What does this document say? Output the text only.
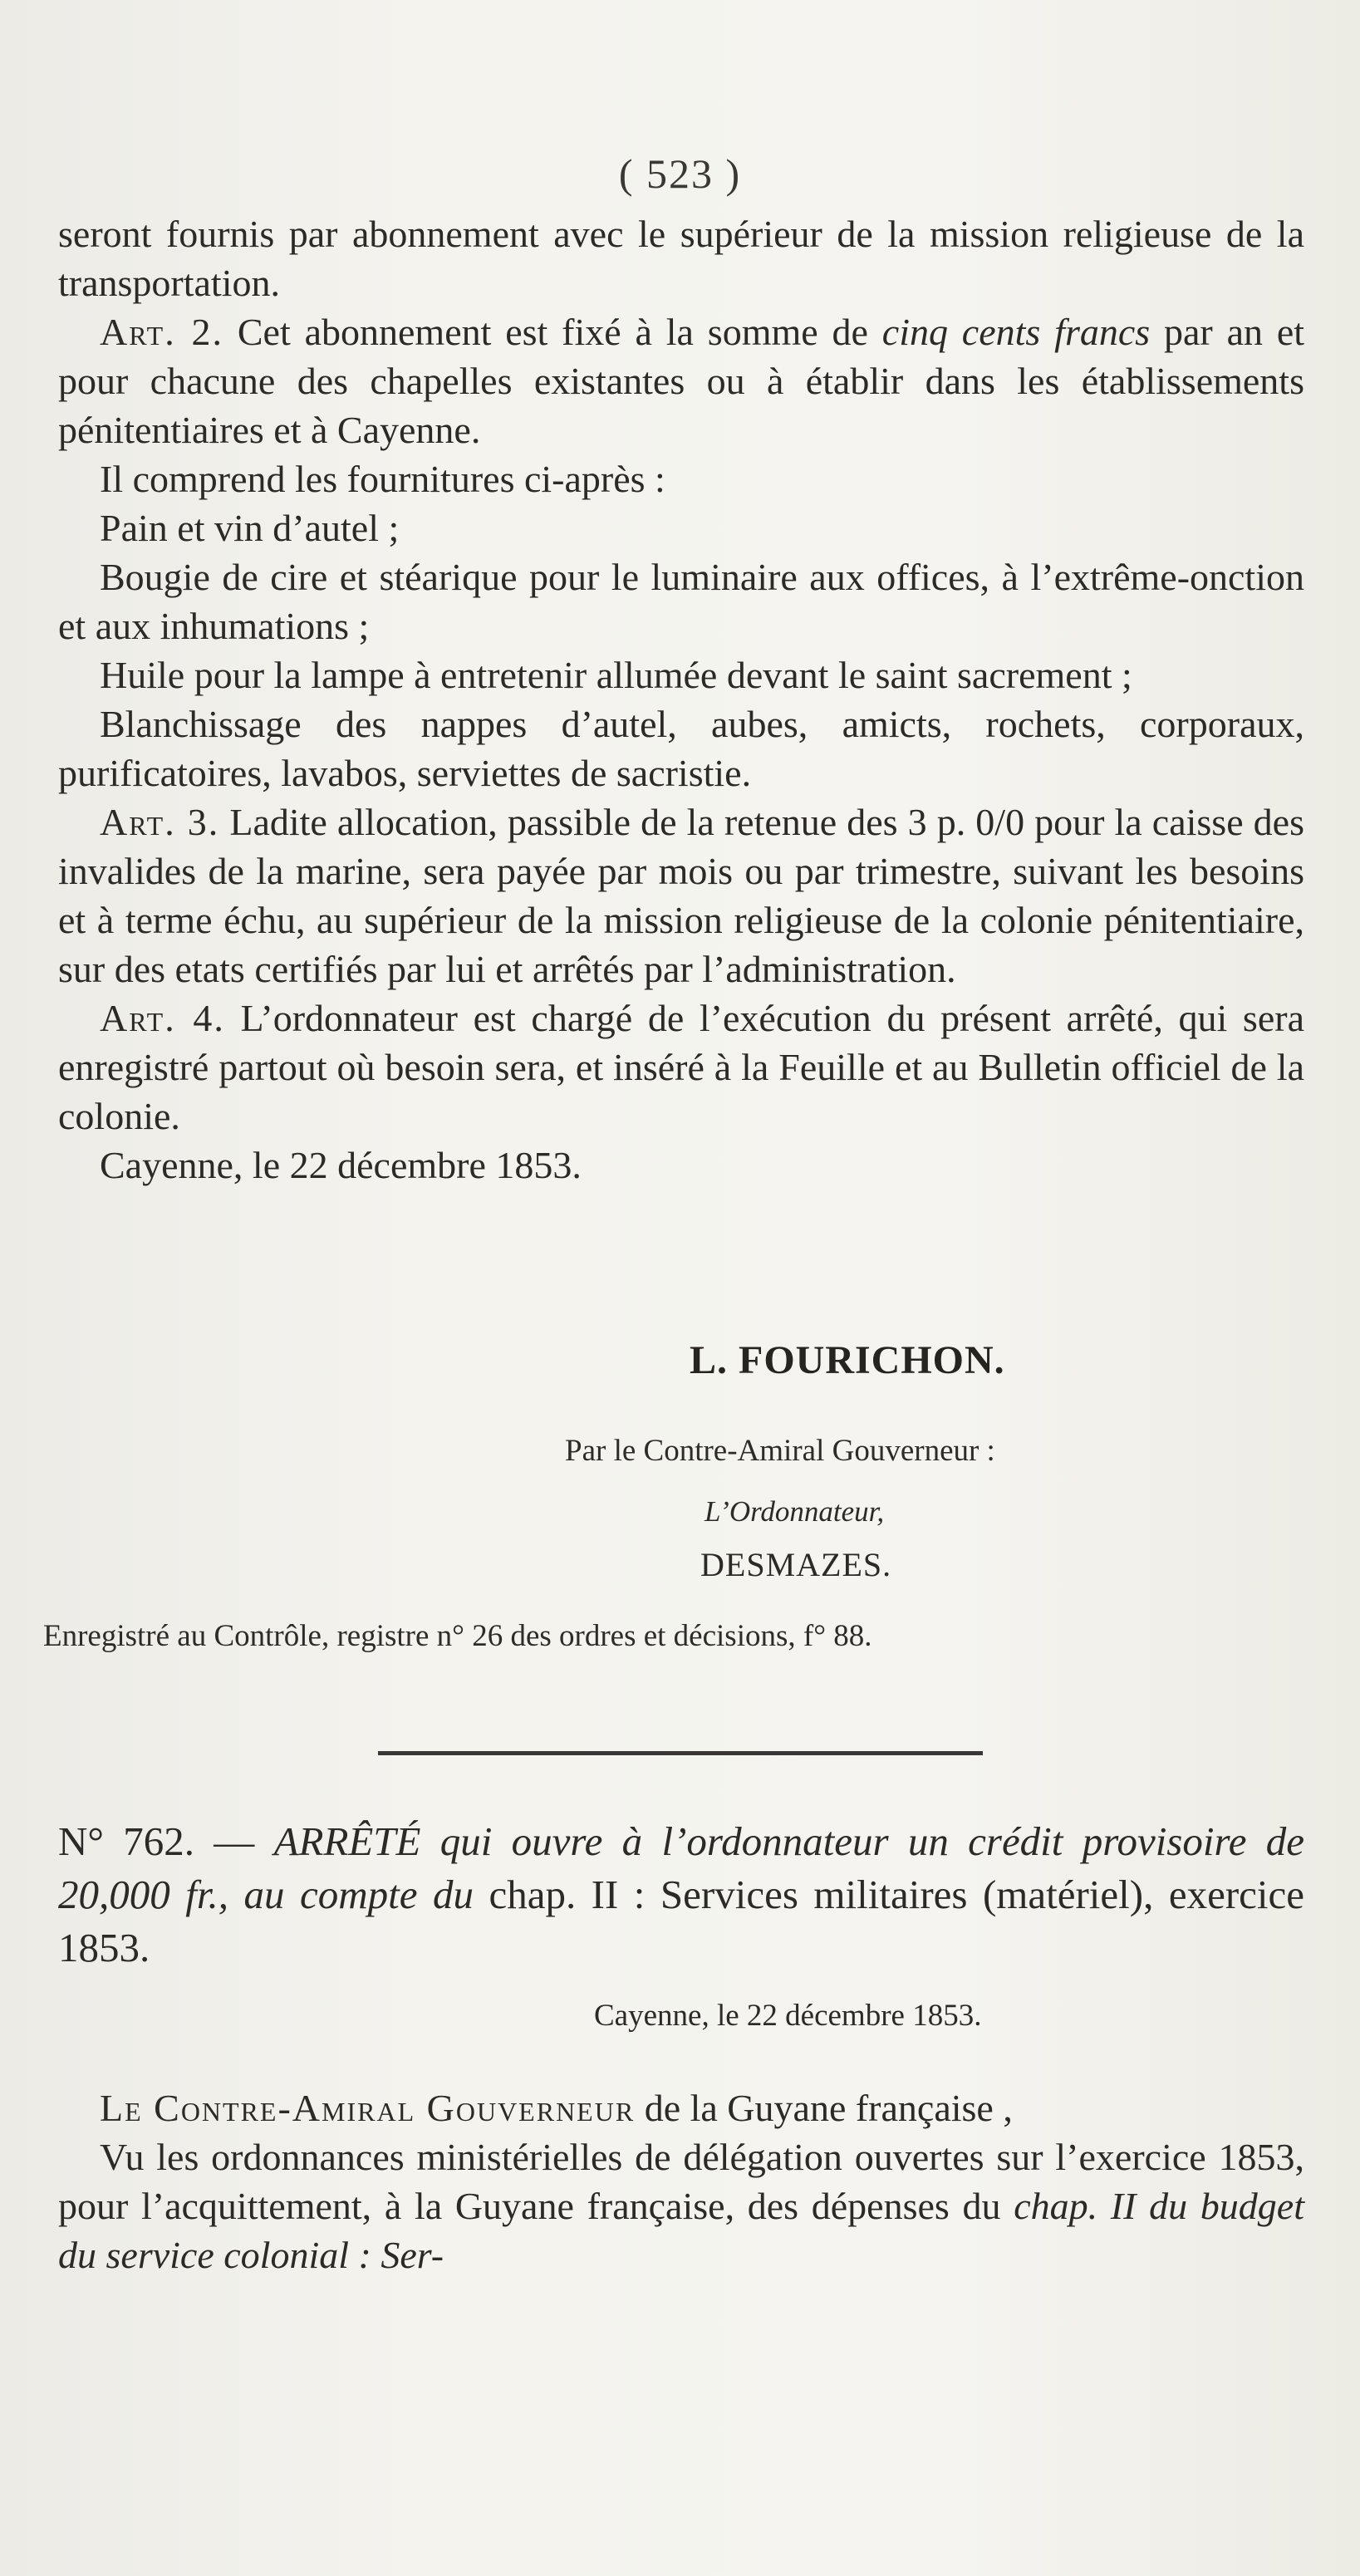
( 523 )

seront fournis par abonnement avec le supérieur de la mission religieuse de la transportation.

Art. 2. Cet abonnement est fixé à la somme de cinq cents francs par an et pour chacune des chapelles existantes ou à établir dans les établissements pénitentiaires et à Cayenne.

Il comprend les fournitures ci-après :

Pain et vin d’autel ;

Bougie de cire et stéarique pour le luminaire aux offices, à l’extrême-onction et aux inhumations ;

Huile pour la lampe à entretenir allumée devant le saint sacrement ;

Blanchissage des nappes d’autel, aubes, amicts, rochets, corporaux, purificatoires, lavabos, serviettes de sacristie.

Art. 3. Ladite allocation, passible de la retenue des 3 p. 0/0 pour la caisse des invalides de la marine, sera payée par mois ou par trimestre, suivant les besoins et à terme échu, au supérieur de la mission religieuse de la colonie pénitentiaire, sur des etats certifiés par lui et arrêtés par l’administration.

Art. 4. L’ordonnateur est chargé de l’exécution du présent arrêté, qui sera enregistré partout où besoin sera, et inséré à la Feuille et au Bulletin officiel de la colonie.

Cayenne, le 22 décembre 1853.

L. FOURICHON.
Par le Contre-Amiral Gouverneur :
L’Ordonnateur,
DESMAZES.
Enregistré au Contrôle, registre n° 26 des ordres et décisions, f° 88.

N° 762. — ARRÊTÉ qui ouvre à l’ordonnateur un crédit provisoire de 20,000 fr., au compte du chap. II : Services militaires (matériel), exercice 1853.

Cayenne, le 22 décembre 1853.

Le Contre-Amiral Gouverneur de la Guyane française ,

Vu les ordonnances ministérielles de délégation ouvertes sur l’exercice 1853, pour l’acquittement, à la Guyane française, des dépenses du chap. II du budget du service colonial : Ser-
